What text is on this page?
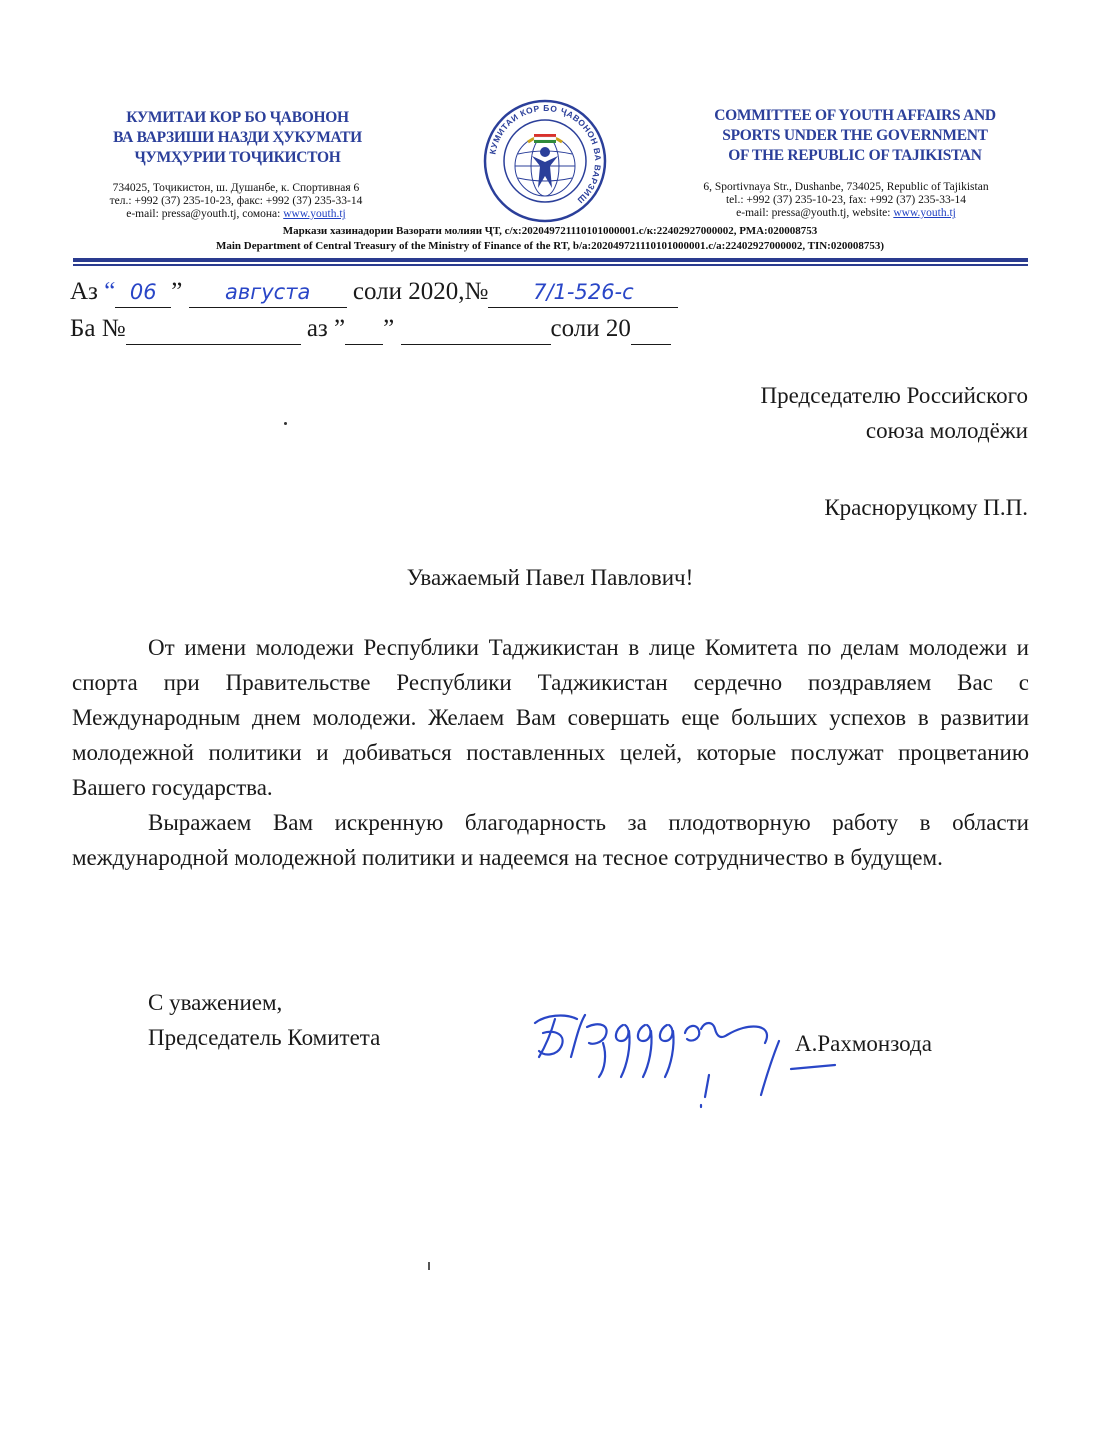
КУМИТАИ КОР БО ҶАВОНОН
ВА ВАРЗИШИ НАЗДИ ҲУКУМАТИ
ҶУМҲУРИИ ТОҶИКИСТОН
734025, Тоҷикистон, ш. Душанбе, к. Спортивная 6
тел.: +992 (37) 235-10-23, факс: +992 (37) 235-33-14
e-mail: pressa@youth.tj, сомона: www.youth.tj
COMMITTEE OF YOUTH AFFAIRS AND
SPORTS UNDER THE GOVERNMENT
OF THE REPUBLIC OF TAJIKISTAN
6, Sportivnaya Str., Dushanbe, 734025, Republic of Tajikistan
tel.: +992 (37) 235-10-23, fax: +992 (37) 235-33-14
e-mail: pressa@youth.tj, website: www.youth.tj
КУМИТАИ КОР БО ҶАВОНОН ВА ВАРЗИШ
Маркази хазинадории Вазорати молияи ҶТ, с/х:20204972111010100000​1.с/к:22402927000002, РМА:020008753
Main Department of Central Treasury of the Ministry of Finance of the RT, b/a:20204972111010100000​1.c/a:22402927000002, TIN:020008753)
Аз “ 06 ” августа соли 2020,№ 7/1-526-с
Ба №	аз ” ”	соли 20
Председателю Российского
союза молодёжи
Красноруцкому П.П.
Уважаемый Павел Павлович!

От имени молодежи Республики Таджикистан в лице Комитета по делам молодежи и спорта при Правительстве Республики Таджикистан сердечно поздравляем Вас с Международным днем молодежи. Желаем Вам совершать еще больших успехов в развитии молодежной политики и добиваться поставленных целей, которые послужат процветанию Вашего государства.

Выражаем Вам искренную благодарность за плодотворную работу в области международной молодежной политики и надеемся на тесное сотрудничество в будущем.

С уважением,
Председатель Комитета	А.Рахмонзода
